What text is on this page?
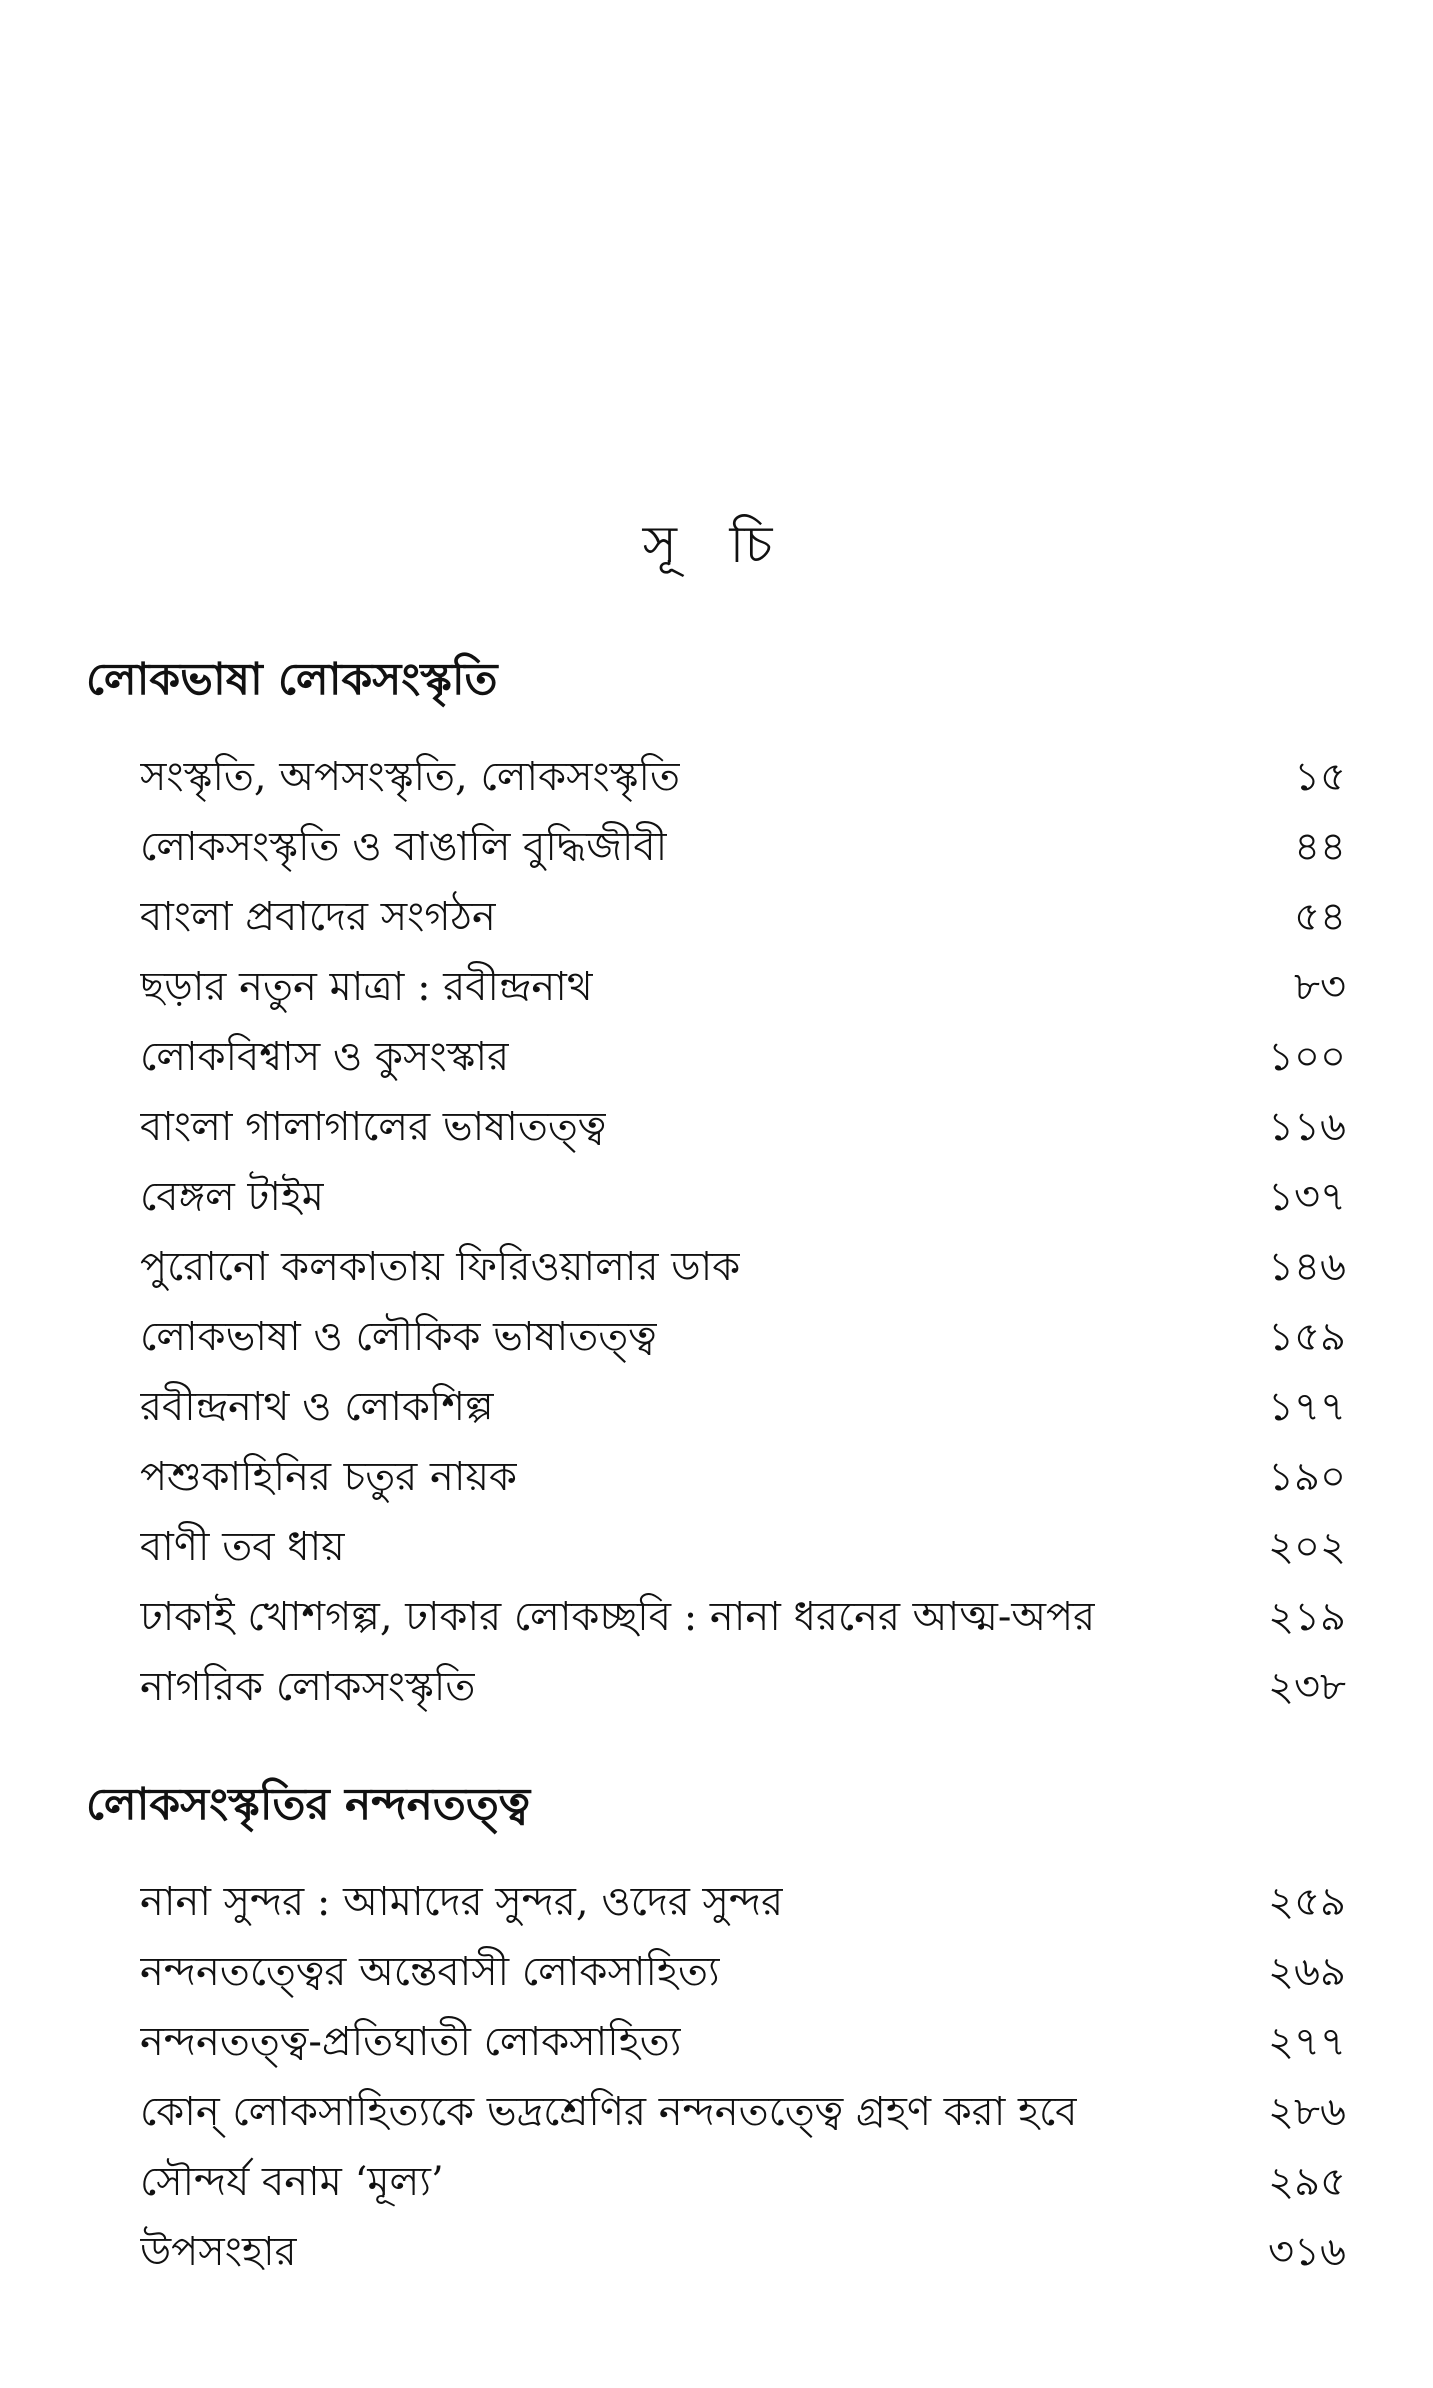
সূ চি
লোকভাষা লোকসংস্কৃতি
সংস্কৃতি, অপসংস্কৃতি, লোকসংস্কৃতি	১৫
লোকসংস্কৃতি ও বাঙালি বুদ্ধিজীবী	৪৪
বাংলা প্রবাদের সংগঠন	৫৪
ছড়ার নতুন মাত্রা : রবীন্দ্রনাথ	৮৩
লোকবিশ্বাস ও কুসংস্কার	১০০
বাংলা গালাগালের ভাষাতত্ত্ব	১১৬
বেঙ্গল টাইম	১৩৭
পুরোনো কলকাতায় ফিরিওয়ালার ডাক	১৪৬
লোকভাষা ও লৌকিক ভাষাতত্ত্ব	১৫৯
রবীন্দ্রনাথ ও লোকশিল্প	১৭৭
পশুকাহিনির চতুর নায়ক	১৯০
বাণী তব ধায়	২০২
ঢাকাই খোশগল্প, ঢাকার লোকচ্ছবি : নানা ধরনের আত্ম-অপর	২১৯
নাগরিক লোকসংস্কৃতি	২৩৮
লোকসংস্কৃতির নন্দনতত্ত্ব
নানা সুন্দর : আমাদের সুন্দর, ওদের সুন্দর	২৫৯
নন্দনতত্ত্বের অন্তেবাসী লোকসাহিত্য	২৬৯
নন্দনতত্ত্ব-প্রতিঘাতী লোকসাহিত্য	২৭৭
কোন্ লোকসাহিত্যকে ভদ্রশ্রেণির নন্দনতত্ত্বে গ্রহণ করা হবে	২৮৬
সৌন্দর্য বনাম ‘মূল্য’	২৯৫
উপসংহার	৩১৬
